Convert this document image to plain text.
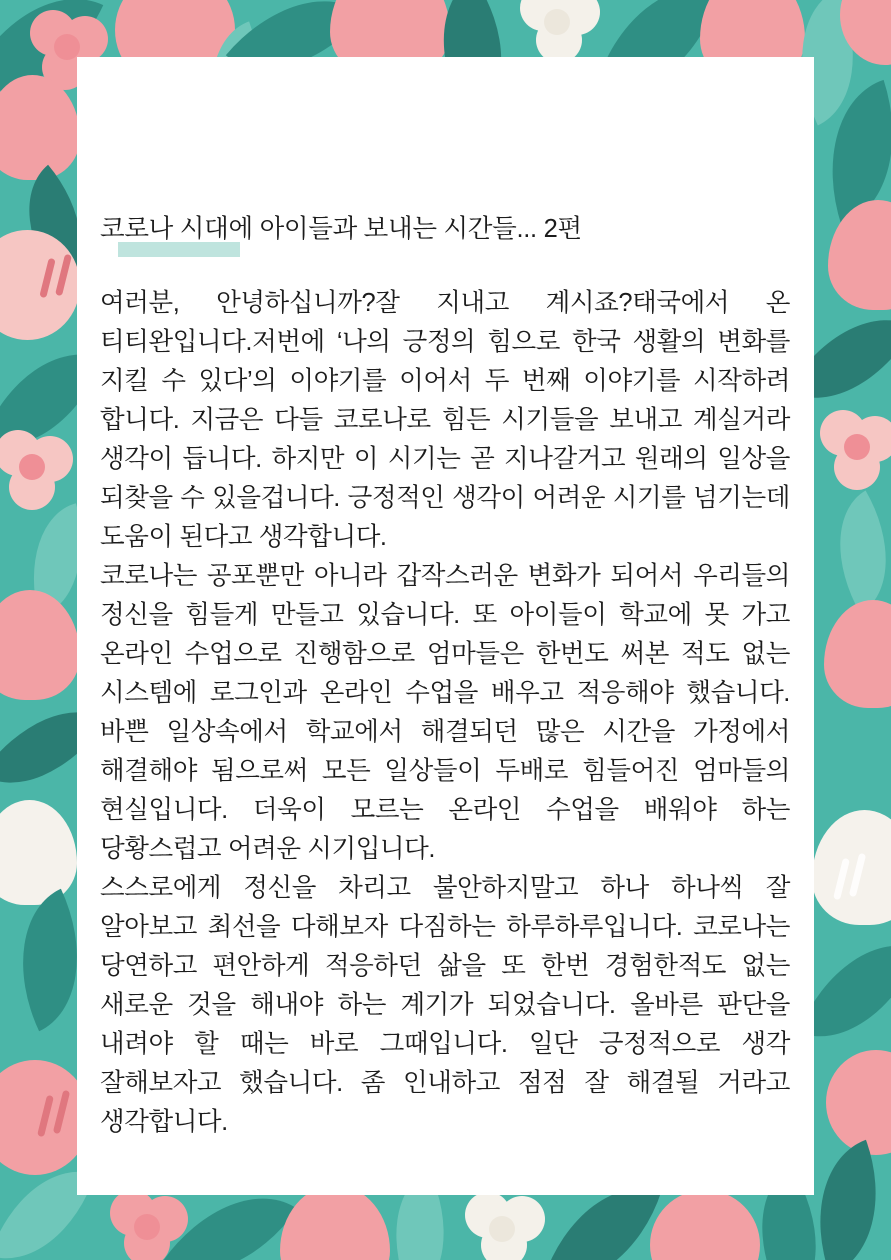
코로나 시대에 아이들과 보내는 시간들... 2편

여러분, 안녕하십니까?잘 지내고 계시죠?태국에서 온 티티완입니다.저번에 ‘나의 긍정의 힘으로 한국 생활의 변화를 지킬 수 있다’의 이야기를 이어서 두 번째 이야기를 시작하려 합니다. 지금은 다들 코로나로 힘든 시기들을 보내고 계실거라 생각이 듭니다. 하지만 이 시기는 곧 지나갈거고 원래의 일상을 되찾을 수 있을겁니다. 긍정적인 생각이 어려운 시기를 넘기는데 도움이 된다고 생각합니다.

코로나는 공포뿐만 아니라 갑작스러운 변화가 되어서 우리들의 정신을 힘들게 만들고 있습니다. 또 아이들이 학교에 못 가고 온라인 수업으로 진행함으로 엄마들은 한번도 써본 적도 없는 시스템에 로그인과 온라인 수업을 배우고 적응해야 했습니다. 바쁜 일상속에서 학교에서 해결되던 많은 시간을 가정에서 해결해야 됨으로써 모든 일상들이 두배로 힘들어진 엄마들의 현실입니다. 더욱이 모르는 온라인 수업을 배워야 하는 당황스럽고 어려운 시기입니다.

스스로에게 정신을 차리고 불안하지말고 하나 하나씩 잘 알아보고 최선을 다해보자 다짐하는 하루하루입니다. 코로나는 당연하고 편안하게 적응하던 삶을 또 한번 경험한적도 없는 새로운 것을 해내야 하는 계기가 되었습니다. 올바른 판단을 내려야 할 때는 바로 그때입니다. 일단 긍정적으로 생각 잘해보자고 했습니다. 좀 인내하고 점점 잘 해결될 거라고 생각합니다.
